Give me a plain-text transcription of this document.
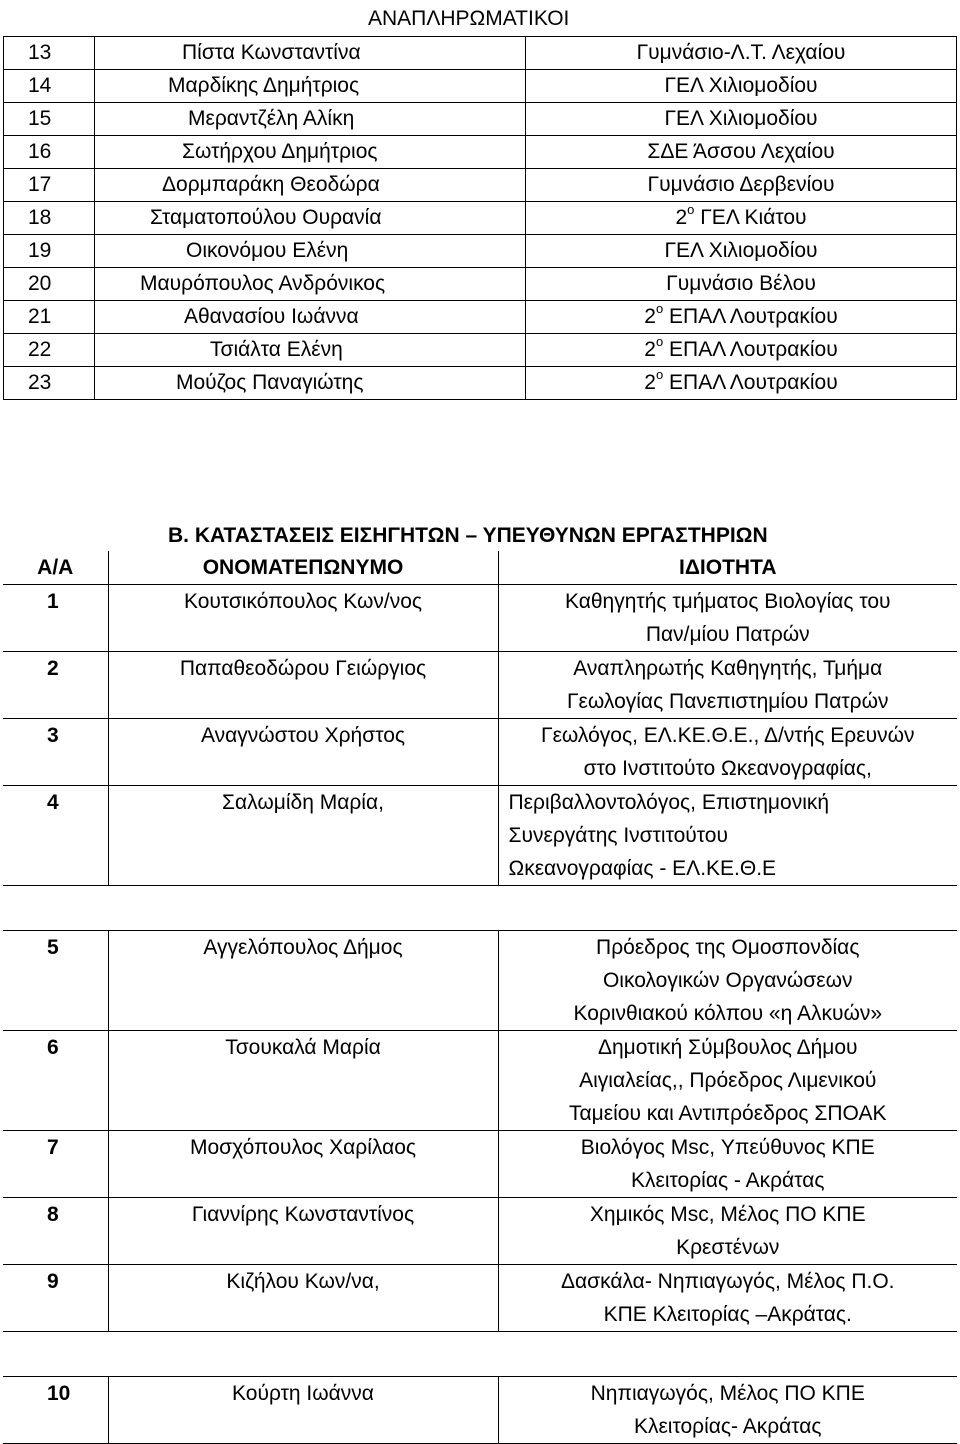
ΑΝΑΠΛΗΡΩΜΑΤΙΚΟΙ
13	Πίστα Κωνσταντίνα	Γυμνάσιο-Λ.Τ. Λεχαίου
14	Μαρδίκης Δημήτριος	ΓΕΛ Χιλιομοδίου
15	Μεραντζέλη Αλίκη	ΓΕΛ Χιλιομοδίου
16	Σωτήρχου Δημήτριος	ΣΔΕ Άσσου Λεχαίου
17	Δορμπαράκη Θεοδώρα	Γυμνάσιο Δερβενίου
18	Σταματοπούλου Ουρανία	$2^o$ ΓΕΛ Κιάτου
19	Οικονόμου Ελένη	ΓΕΛ Χιλιομοδίου
20	Μαυρόπουλος Ανδρόνικος	Γυμνάσιο Βέλου
21	Αθανασίου Ιωάννα	$2^o$ ΕΠΑΛ Λουτρακίου
22	Τσιάλτα Ελένη	$2^o$ ΕΠΑΛ Λουτρακίου
23	Μούζος Παναγιώτης	$2^o$ ΕΠΑΛ Λουτρακίου
Β. ΚΑΤΑΣΤΑΣΕΙΣ ΕΙΣΗΓΗΤΩΝ – ΥΠΕΥΘΥΝΩΝ ΕΡΓΑΣΤΗΡΙΩΝ
Α/Α	ΟΝΟΜΑΤΕΠΩΝΥΜΟ	ΙΔΙΟΤΗΤΑ
1	Κουτσικόπουλος Κων/νος	Καθηγητής τμήματος Βιολογίας του
Παν/μίου Πατρών

2	Παπαθεοδώρου Γειώργιος	Αναπληρωτής Καθηγητής, Τμήμα
Γεωλογίας Πανεπιστημίου Πατρών

3	Αναγνώστου Χρήστος	Γεωλόγος, ΕΛ.ΚΕ.Θ.Ε., Δ/ντής Ερευνών
στο Ινστιτούτο Ωκεανογραφίας,

4	Σαλωμίδη Μαρία,	Περιβαλλοντολόγος, Επιστημονική
Συνεργάτης Ινστιτούτου
Ωκεανογραφίας - ΕΛ.ΚΕ.Θ.Ε

5	Αγγελόπουλος Δήμος	Πρόεδρος της Ομοσπονδίας
Οικολογικών Οργανώσεων
Κορινθιακού κόλπου «η Αλκυών»

6	Τσουκαλά Μαρία	Δημοτική Σύμβουλος Δήμου
Αιγιαλείας,, Πρόεδρος Λιμενικού
Ταμείου και Αντιπρόεδρος ΣΠΟΑΚ

7	Μοσχόπουλος Χαρίλαος	Βιολόγος Msc, Υπεύθυνος ΚΠΕ
Κλειτορίας - Ακράτας

8	Γιαννίρης Κωνσταντίνος	Χημικός Msc, Μέλος ΠΟ ΚΠΕ
Κρεστένων

9	Κιζήλου Κων/να,	Δασκάλα- Νηπιαγωγός, Μέλος Π.Ο.
ΚΠΕ Κλειτορίας –Ακράτας.

10	Κούρτη Ιωάννα	Νηπιαγωγός, Μέλος ΠΟ ΚΠΕ
Κλειτορίας- Ακράτας
